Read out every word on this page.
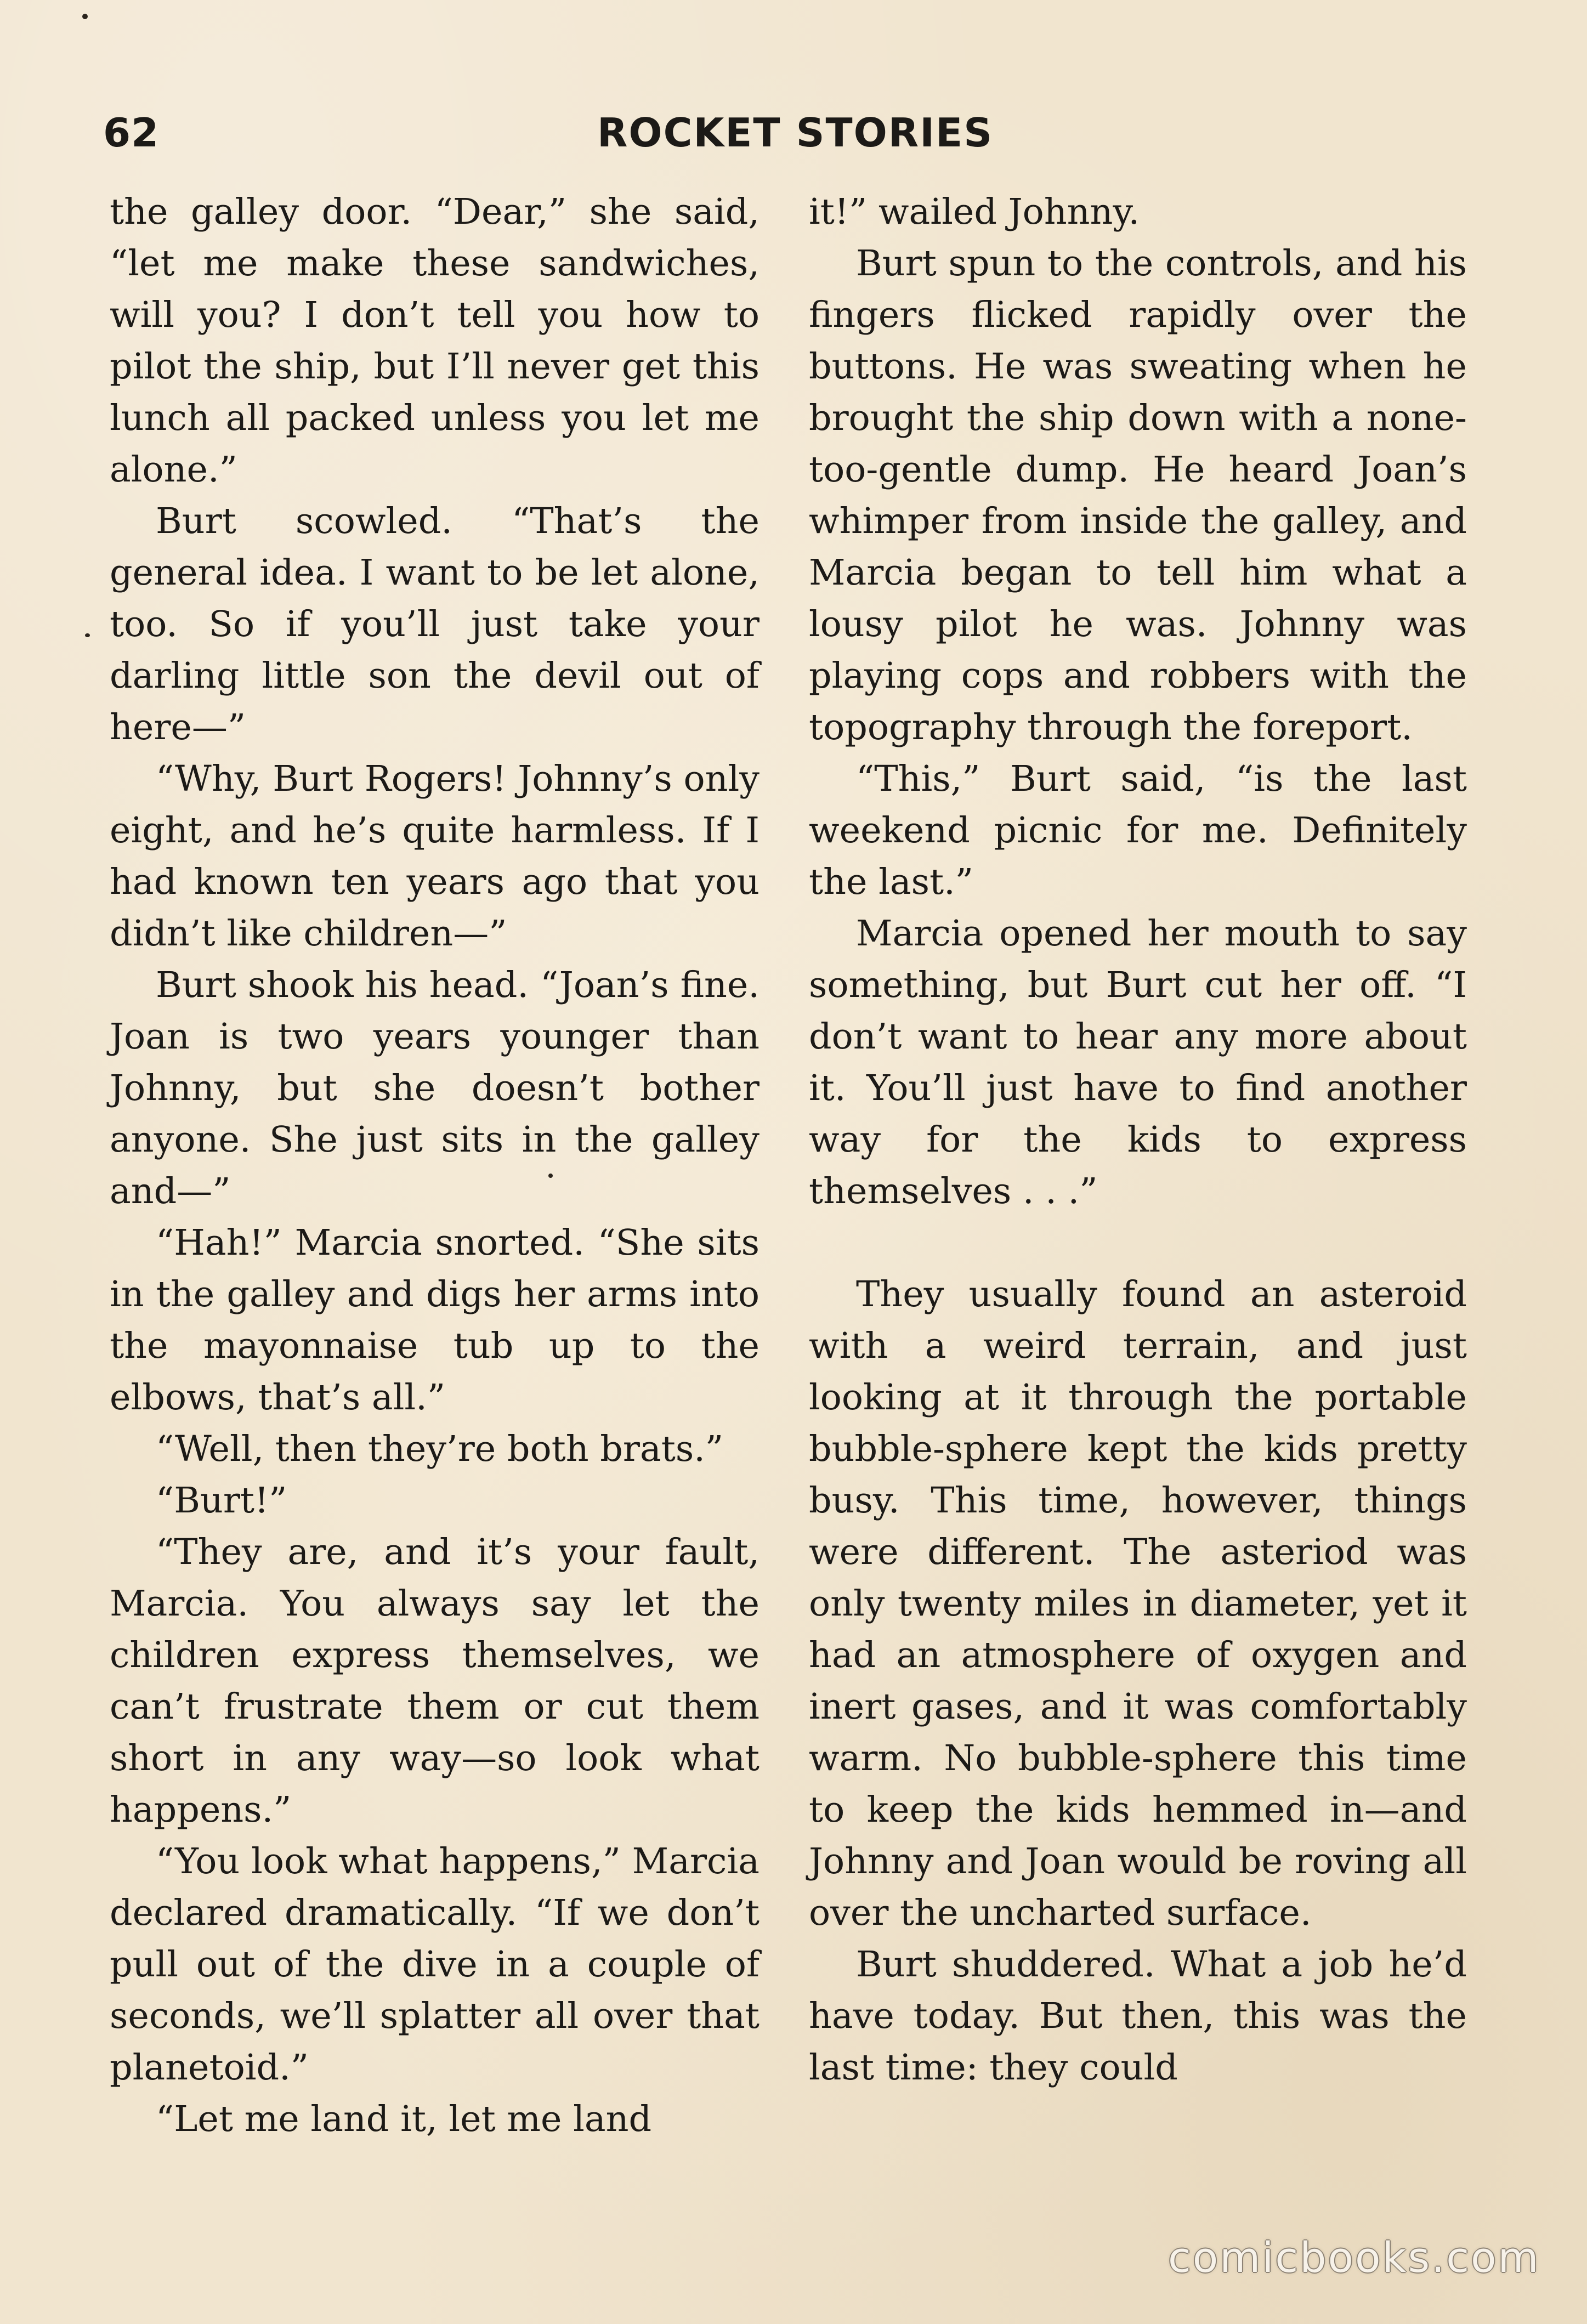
62	ROCKET STORIES

the galley door. “Dear,” she said, “let me make these sandwiches, will you? I don’t tell you how to pilot the ship, but I’ll never get this lunch all packed unless you let me alone.”

Burt scowled. “That’s the general idea. I want to be let alone, too. So if you’ll just take your darling little son the devil out of here—”

“Why, Burt Rogers! Johnny’s only eight, and he’s quite harmless. If I had known ten years ago that you didn’t like children—”

Burt shook his head. “Joan’s fine. Joan is two years younger than Johnny, but she doesn’t bother anyone. She just sits in the galley and—”

“Hah!” Marcia snorted. “She sits in the galley and digs her arms into the mayonnaise tub up to the elbows, that’s all.”

“Well, then they’re both brats.”

“Burt!”

“They are, and it’s your fault, Marcia. You always say let the children express themselves, we can’t frustrate them or cut them short in any way—so look what happens.”

“You look what happens,” Marcia declared dramatically. “If we don’t pull out of the dive in a couple of seconds, we’ll splatter all over that planetoid.”

“Let me land it, let me land

it!” wailed Johnny.

Burt spun to the controls, and his fingers flicked rapidly over the buttons. He was sweating when he brought the ship down with a none-too-gentle dump. He heard Joan’s whimper from inside the galley, and Marcia began to tell him what a lousy pilot he was. Johnny was playing cops and robbers with the topography through the foreport.

“This,” Burt said, “is the last weekend picnic for me. Definitely the last.”

Marcia opened her mouth to say something, but Burt cut her off. “I don’t want to hear any more about it. You’ll just have to find another way for the kids to express themselves . . .”

They usually found an asteroid with a weird terrain, and just looking at it through the portable bubble-sphere kept the kids pretty busy. This time, however, things were different. The asteriod was only twenty miles in diameter, yet it had an atmosphere of oxygen and inert gases, and it was comfortably warm. No bubble-sphere this time to keep the kids hemmed in—and Johnny and Joan would be roving all over the uncharted surface.

Burt shuddered. What a job he’d have today. But then, this was the last time: they could

comicbooks.com
